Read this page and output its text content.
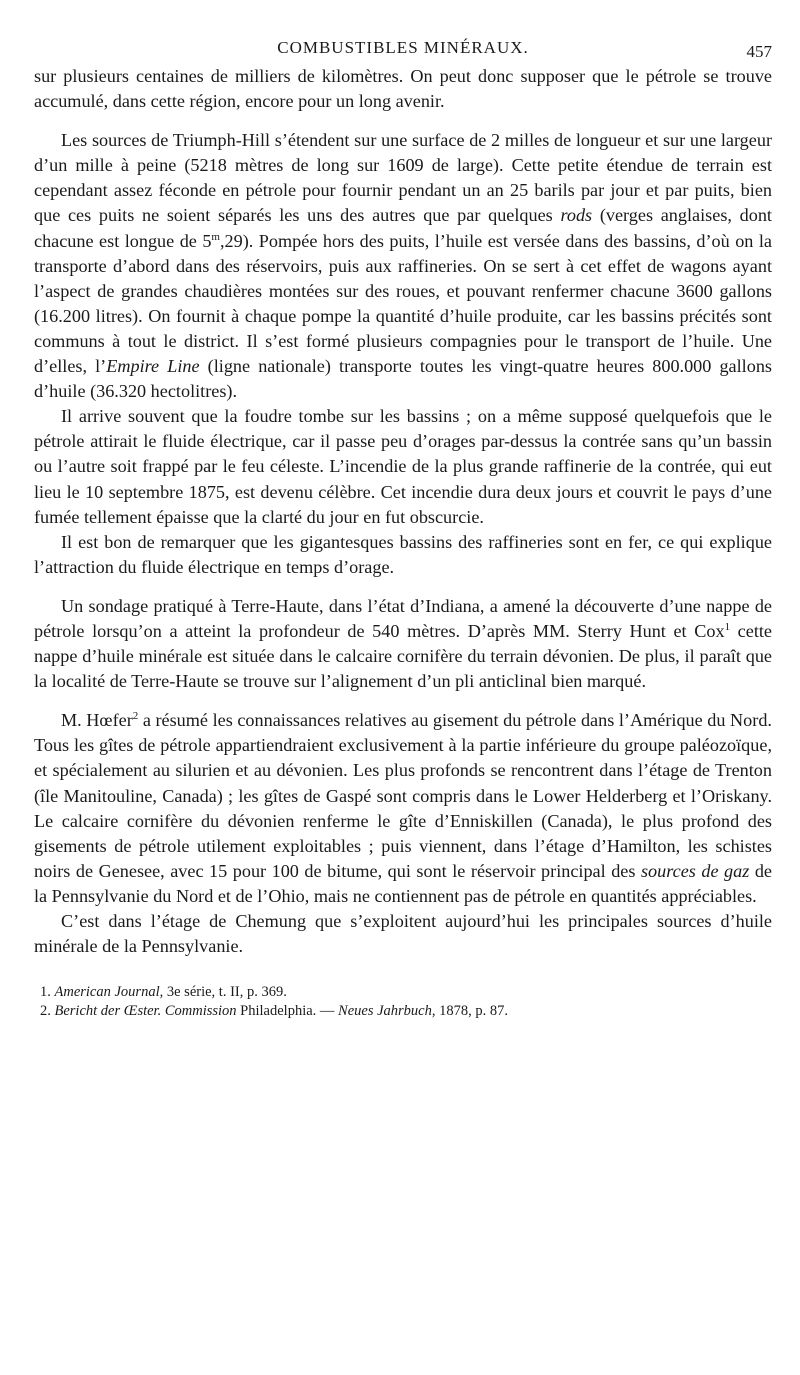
COMBUSTIBLES MINÉRAUX.	457

sur plusieurs centaines de milliers de kilomètres. On peut donc supposer que le pétrole se trouve accumulé, dans cette région, encore pour un long avenir.

Les sources de Triumph-Hill s’étendent sur une surface de 2 milles de longueur et sur une largeur d’un mille à peine (5218 mètres de long sur 1609 de large). Cette petite étendue de terrain est cependant assez féconde en pétrole pour fournir pendant un an 25 barils par jour et par puits, bien que ces puits ne soient séparés les uns des autres que par quelques rods (verges anglaises, dont chacune est longue de 5$^m$,29). Pompée hors des puits, l’huile est versée dans des bassins, d’où on la transporte d’abord dans des réservoirs, puis aux raffineries. On se sert à cet effet de wagons ayant l’aspect de grandes chaudières montées sur des roues, et pouvant renfermer chacune 3600 gallons (16.200 litres). On fournit à chaque pompe la quantité d’huile produite, car les bassins précités sont communs à tout le district. Il s’est formé plusieurs compagnies pour le transport de l’huile. Une d’elles, l’Empire Line (ligne nationale) transporte toutes les vingt-quatre heures 800.000 gallons d’huile (36.320 hectolitres).

Il arrive souvent que la foudre tombe sur les bassins ; on a même supposé quelquefois que le pétrole attirait le fluide électrique, car il passe peu d’orages par-dessus la contrée sans qu’un bassin ou l’autre soit frappé par le feu céleste. L’incendie de la plus grande raffinerie de la contrée, qui eut lieu le 10 septembre 1875, est devenu célèbre. Cet incendie dura deux jours et couvrit le pays d’une fumée tellement épaisse que la clarté du jour en fut obscurcie.

Il est bon de remarquer que les gigantesques bassins des raffineries sont en fer, ce qui explique l’attraction du fluide électrique en temps d’orage.

Un sondage pratiqué à Terre-Haute, dans l’état d’Indiana, a amené la découverte d’une nappe de pétrole lorsqu’on a atteint la profondeur de 540 mètres. D’après MM. Sterry Hunt et Cox$^1$ cette nappe d’huile minérale est située dans le calcaire cornifère du terrain dévonien. De plus, il paraît que la localité de Terre-Haute se trouve sur l’alignement d’un pli anticlinal bien marqué.

M. Hœfer$^2$ a résumé les connaissances relatives au gisement du pétrole dans l’Amérique du Nord. Tous les gîtes de pétrole appartiendraient exclusivement à la partie inférieure du groupe paléozoïque, et spécialement au silurien et au dévonien. Les plus profonds se rencontrent dans l’étage de Trenton (île Manitouline, Canada) ; les gîtes de Gaspé sont compris dans le Lower Helderberg et l’Oriskany. Le calcaire cornifère du dévonien renferme le gîte d’Enniskillen (Canada), le plus profond des gisements de pétrole utilement exploitables ; puis viennent, dans l’étage d’Hamilton, les schistes noirs de Genesee, avec 15 pour 100 de bitume, qui sont le réservoir principal des sources de gaz de la Pennsylvanie du Nord et de l’Ohio, mais ne contiennent pas de pétrole en quantités appréciables.

C’est dans l’étage de Chemung que s’exploitent aujourd’hui les principales sources d’huile minérale de la Pennsylvanie.

1. American Journal, 3e série, t. II, p. 369.

2. Bericht der Œster. Commission Philadelphia. — Neues Jahrbuch, 1878, p. 87.
